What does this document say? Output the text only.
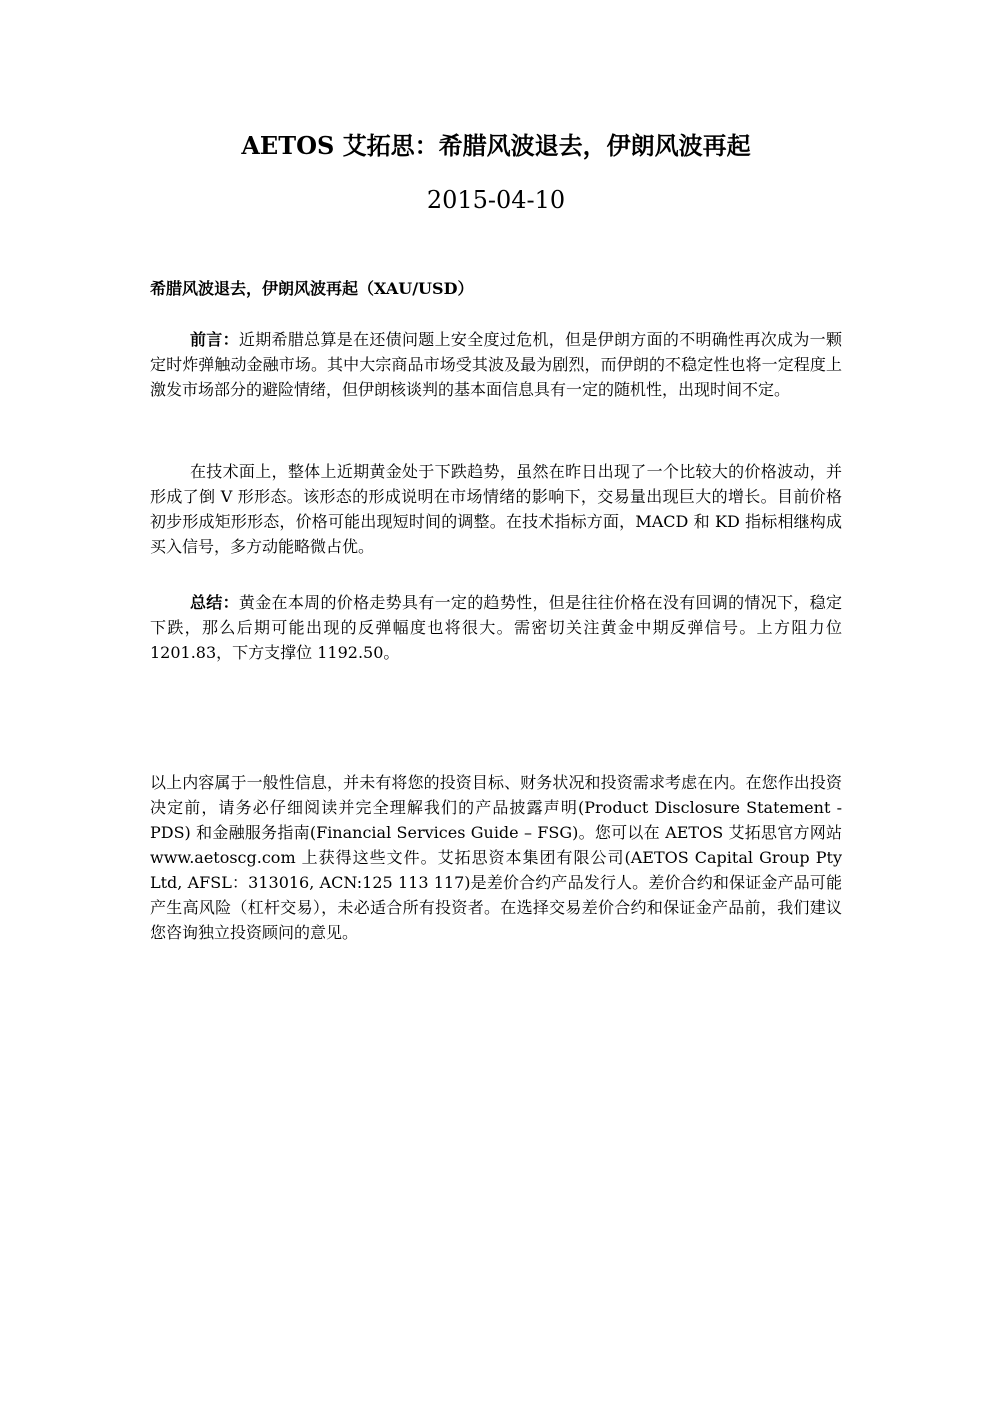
AETOS 艾拓思：希腊风波退去，伊朗风波再起
2015-04-10
希腊风波退去，伊朗风波再起（XAU/USD）

前言：近期希腊总算是在还债问题上安全度过危机，但是伊朗方面的不明确性再次成为一颗定时炸弹触动金融市场。其中大宗商品市场受其波及最为剧烈，而伊朗的不稳定性也将一定程度上激发市场部分的避险情绪，但伊朗核谈判的基本面信息具有一定的随机性，出现时间不定。

在技术面上，整体上近期黄金处于下跌趋势，虽然在昨日出现了一个比较大的价格波动，并形成了倒 V 形形态。该形态的形成说明在市场情绪的影响下，交易量出现巨大的增长。目前价格初步形成矩形形态，价格可能出现短时间的调整。在技术指标方面，MACD 和 KD 指标相继构成买入信号，多方动能略微占优。

总结：黄金在本周的价格走势具有一定的趋势性，但是往往价格在没有回调的情况下，稳定下跌，那么后期可能出现的反弹幅度也将很大。需密切关注黄金中期反弹信号。上方阻力位 1201.83，下方支撑位 1192.50。

以上内容属于一般性信息，并未有将您的投资目标、财务状况和投资需求考虑在内。在您作出投资决定前，请务必仔细阅读并完全理解我们的产品披露声明(Product Disclosure Statement - PDS) 和金融服务指南(Financial Services Guide – FSG)。您可以在 AETOS 艾拓思官方网站 www.aetoscg.com 上获得这些文件。艾拓思资本集团有限公司(AETOS Capital Group Pty Ltd, AFSL：313016, ACN:125 113 117)是差价合约产品发行人。差价合约和保证金产品可能产生高风险（杠杆交易），未必适合所有投资者。在选择交易差价合约和保证金产品前，我们建议您咨询独立投资顾问的意见。
